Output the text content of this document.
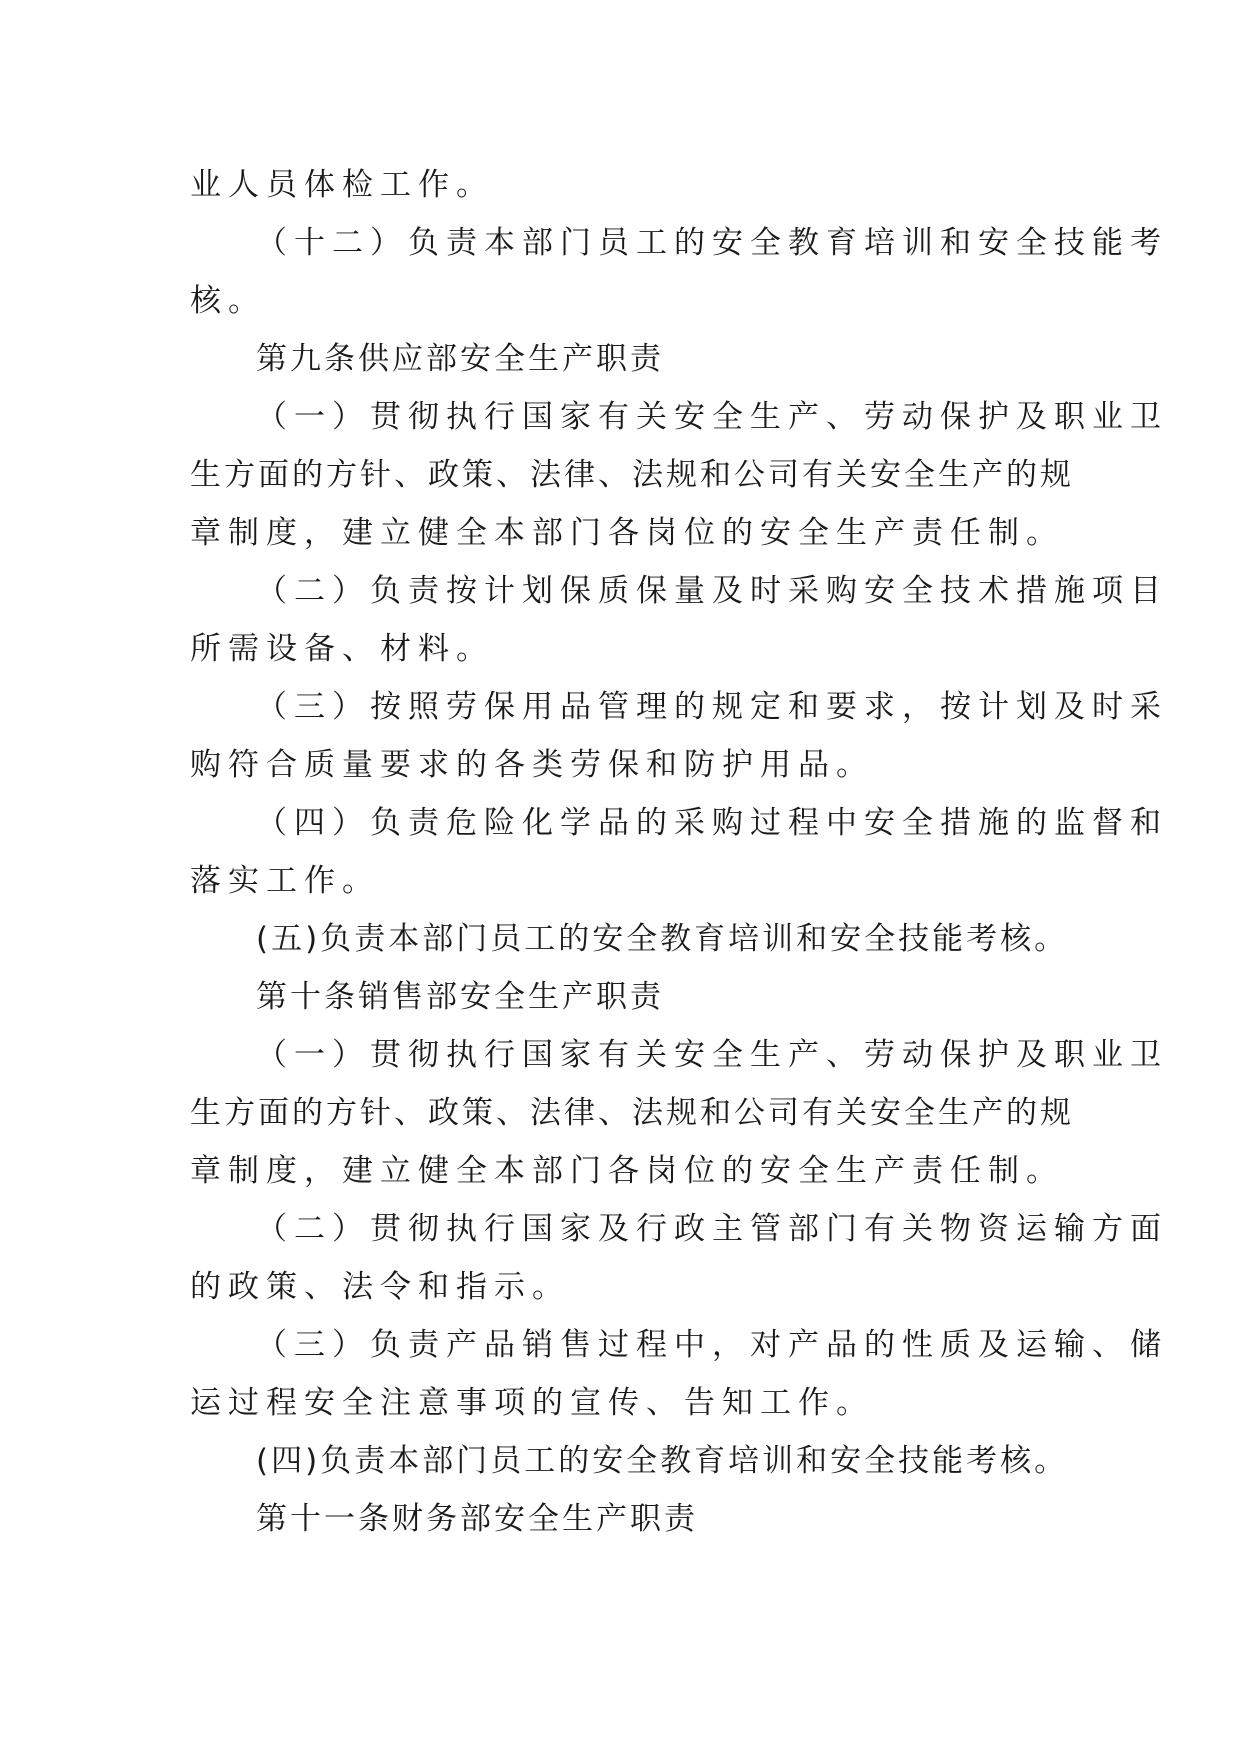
业人员体检工作。
（十二）负责本部门员工的安全教育培训和安全技能考
核。
第九条供应部安全生产职责
（一）贯彻执行国家有关安全生产、劳动保护及职业卫
生方面的方针、政策、法律、法规和公司有关安全生产的规
章制度，建立健全本部门各岗位的安全生产责任制。
（二）负责按计划保质保量及时采购安全技术措施项目
所需设备、材料。
（三）按照劳保用品管理的规定和要求，按计划及时采
购符合质量要求的各类劳保和防护用品。
（四）负责危险化学品的采购过程中安全措施的监督和
落实工作。
(五)负责本部门员工的安全教育培训和安全技能考核。
第十条销售部安全生产职责
（一）贯彻执行国家有关安全生产、劳动保护及职业卫
生方面的方针、政策、法律、法规和公司有关安全生产的规
章制度，建立健全本部门各岗位的安全生产责任制。
（二）贯彻执行国家及行政主管部门有关物资运输方面
的政策、法令和指示。
（三）负责产品销售过程中，对产品的性质及运输、储
运过程安全注意事项的宣传、告知工作。
(四)负责本部门员工的安全教育培训和安全技能考核。
第十一条财务部安全生产职责
